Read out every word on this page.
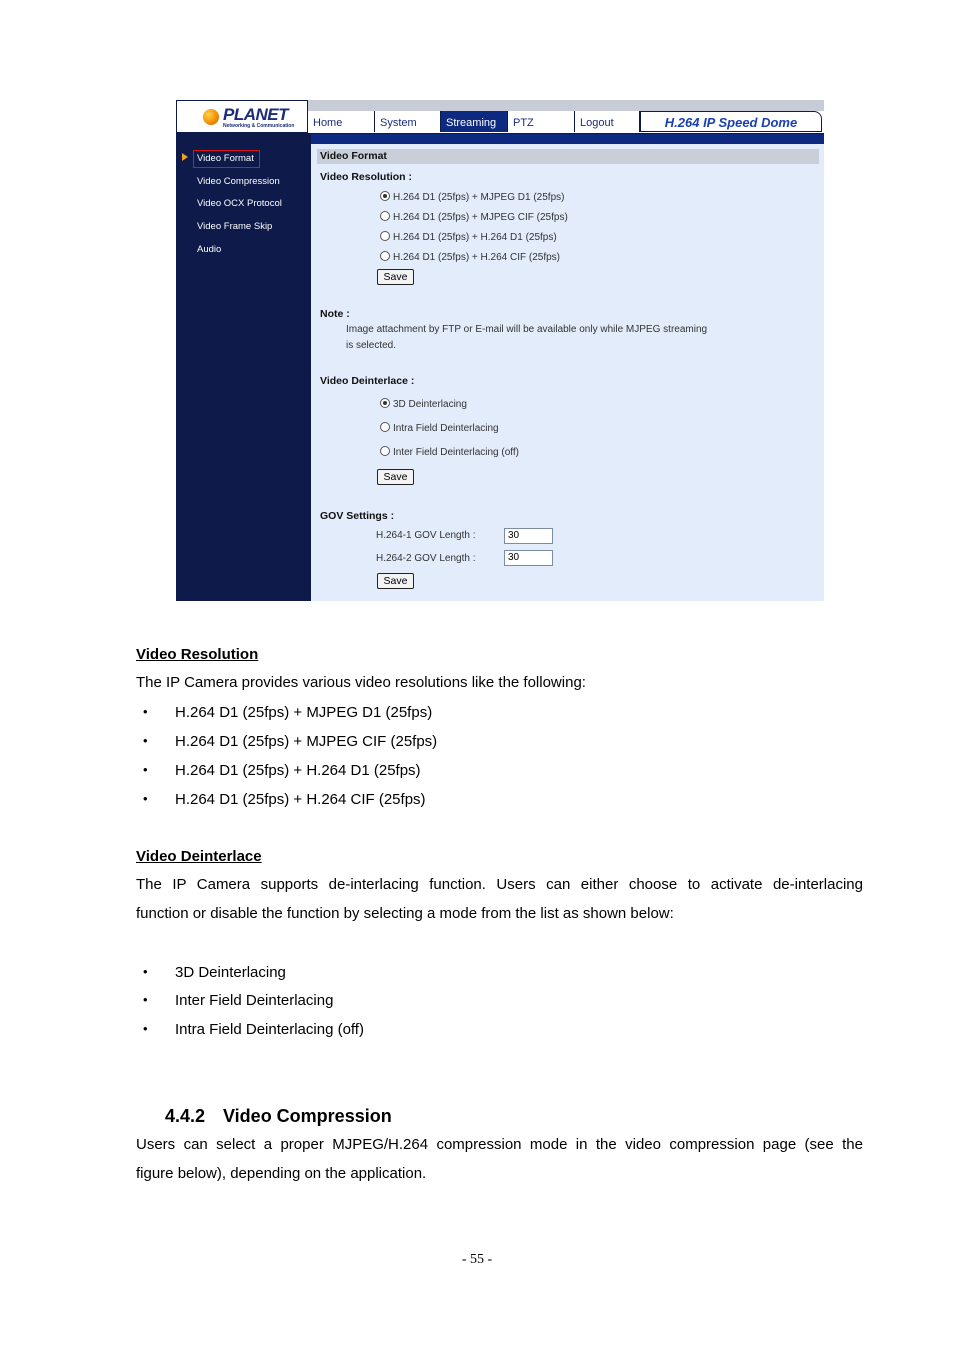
PLANET
Networking & Communication	Home	System	Streaming	PTZ	Logout	H.264 IP Speed Dome
Video Format
Video Compression
Video OCX Protocol
Video Frame Skip
Audio
Video Format
Video Resolution :
H.264 D1 (25fps) + MJPEG D1 (25fps)
H.264 D1 (25fps) + MJPEG CIF (25fps)
H.264 D1 (25fps) + H.264 D1 (25fps)
H.264 D1 (25fps) + H.264 CIF (25fps)
Save
Note :
Image attachment by FTP or E-mail will be available only while MJPEG streaming
is selected.
Video Deinterlace :
3D Deinterlacing
Intra Field Deinterlacing
Inter Field Deinterlacing (off)
Save
GOV Settings :
H.264-1 GOV Length :	30
H.264-2 GOV Length :	30
Save
Video Resolution
The IP Camera provides various video resolutions like the following:
• H.264 D1 (25fps) + MJPEG D1 (25fps)
• H.264 D1 (25fps) + MJPEG CIF (25fps)
• H.264 D1 (25fps) + H.264 D1 (25fps)
• H.264 D1 (25fps) + H.264 CIF (25fps)
Video Deinterlace
The IP Camera supports de-interlacing function. Users can either choose to activate de-interlacing
function or disable the function by selecting a mode from the list as shown below:
• 3D Deinterlacing
• Inter Field Deinterlacing
• Intra Field Deinterlacing (off)
4.4.2 Video Compression
Users can select a proper MJPEG/H.264 compression mode in the video compression page (see the
figure below), depending on the application.
- 55 -
